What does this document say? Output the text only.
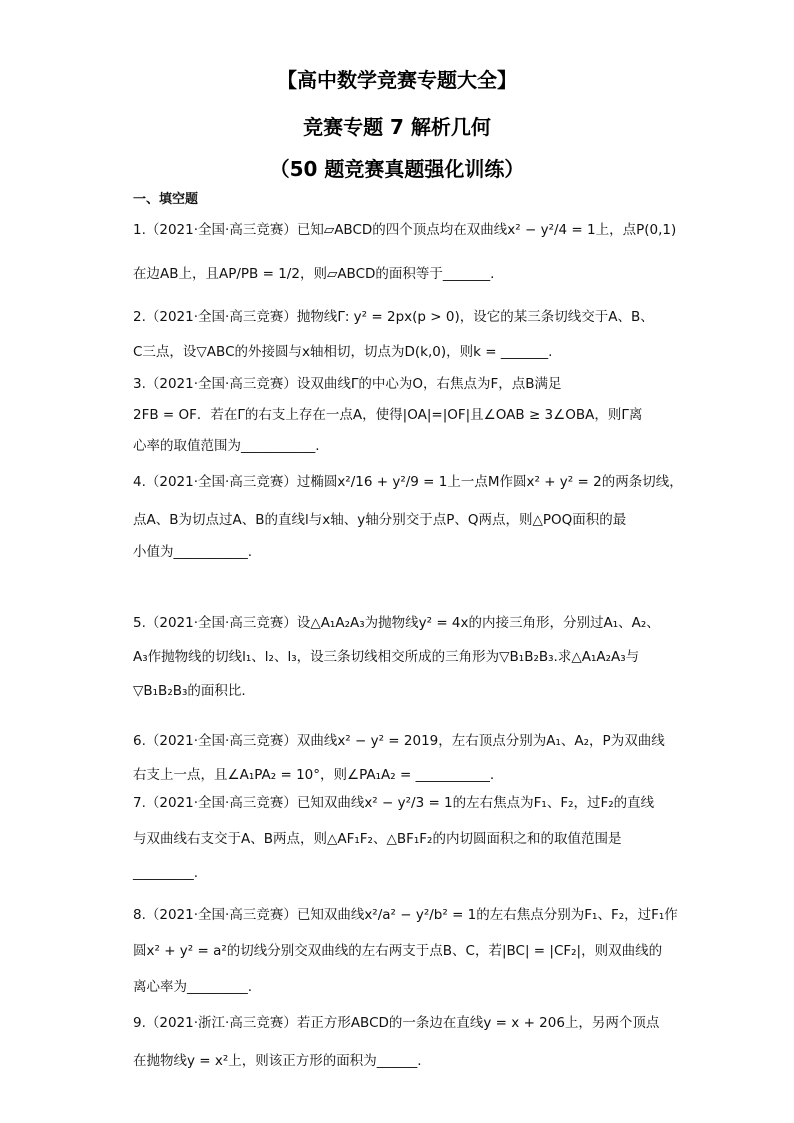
【高中数学竞赛专题大全】
竞赛专题 7 解析几何
（50 题竞赛真题强化训练）
一、填空题
1.（2021·全国·高三竞赛）已知▱ABCD的四个顶点均在双曲线x² − y²/4 = 1上，点P(0,1)
在边AB上，且AP/PB = 1/2，则▱ABCD的面积等于_______.
2.（2021·全国·高三竞赛）抛物线Γ: y² = 2px(p > 0)，设它的某三条切线交于A、B、
C三点，设▽ABC的外接圆与x轴相切，切点为D(k,0)，则k = _______.
3.（2021·全国·高三竞赛）设双曲线Γ的中心为O，右焦点为F，点B满足
2FB = OF．若在Γ的右支上存在一点A，使得|OA|=|OF|且∠OAB ≥ 3∠OBA，则Γ离
心率的取值范围为___________.
4.（2021·全国·高三竞赛）过椭圆x²/16 + y²/9 = 1上一点M作圆x² + y² = 2的两条切线，
点A、B为切点过A、B的直线l与x轴、y轴分别交于点P、Q两点，则△POQ面积的最
小值为___________.
5.（2021·全国·高三竞赛）设△A₁A₂A₃为抛物线y² = 4x的内接三角形，分别过A₁、A₂、
A₃作抛物线的切线l₁、l₂、l₃，设三条切线相交所成的三角形为▽B₁B₂B₃.求△A₁A₂A₃与
▽B₁B₂B₃的面积比.
6.（2021·全国·高三竞赛）双曲线x² − y² = 2019，左右顶点分别为A₁、A₂，P为双曲线
右支上一点，且∠A₁PA₂ = 10°，则∠PA₁A₂ = ___________.
7.（2021·全国·高三竞赛）已知双曲线x² − y²/3 = 1的左右焦点为F₁、F₂，过F₂的直线
与双曲线右支交于A、B两点，则△AF₁F₂、△BF₁F₂的内切圆面积之和的取值范围是
_________.
8.（2021·全国·高三竞赛）已知双曲线x²/a² − y²/b² = 1的左右焦点分别为F₁、F₂，过F₁作
圆x² + y² = a²的切线分别交双曲线的左右两支于点B、C，若|BC| = |CF₂|，则双曲线的
离心率为_________.
9.（2021·浙江·高三竞赛）若正方形ABCD的一条边在直线y = x + 206上，另两个顶点
在抛物线y = x²上，则该正方形的面积为______.
